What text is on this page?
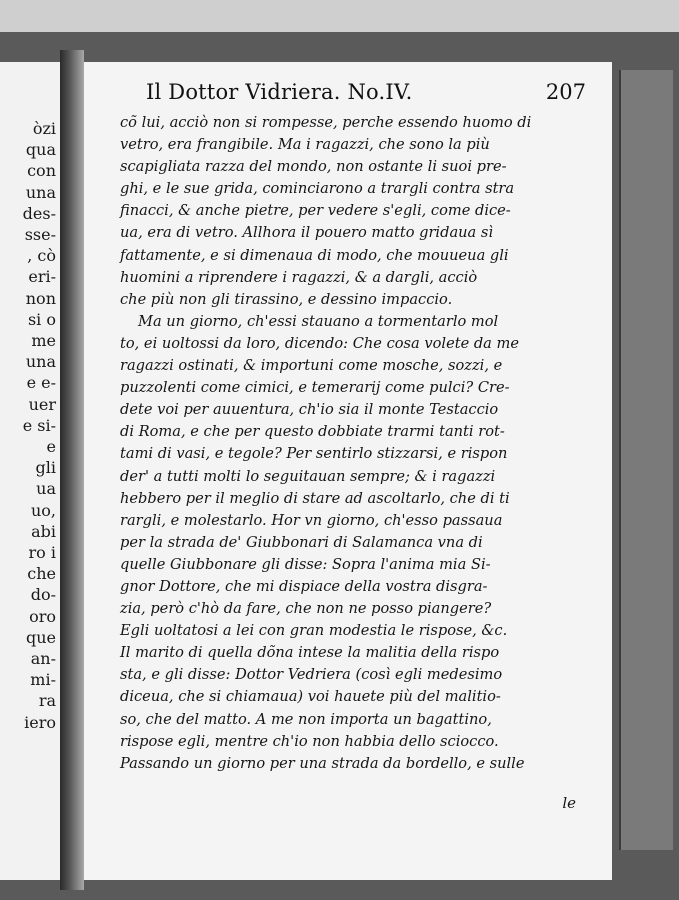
òzi
qua
con
una
des-
sse-
, cò
eri-
non
si o
me
una
e e-
uer
e si-
e
gli
ua
uo,
abi
ro i
che
do-
oro
que
an-
mi-
ra
iero
Il Dottor Vidriera. No.IV.	207
cõ lui, acciò non si rompesse, perche essendo huomo di
vetro, era frangibile. Ma i ragazzi, che sono la più
scapigliata razza del mondo, non ostante li suoi pre-
ghi, e le sue grida, cominciarono a trargli contra stra
finacci, & anche pietre, per vedere s'egli, come dice-
ua, era di vetro. Allhora il pouero matto gridaua sì
fattamente, e si dimenaua di modo, che mouueua gli
huomini a riprendere i ragazzi, & a dargli, acciò
che più non gli tirassino, e dessino impaccio.
Ma un giorno, ch'essi stauano a tormentarlo mol
to, ei uoltossi da loro, dicendo: Che cosa volete da me
ragazzi ostinati, & importuni come mosche, sozzi, e
puzzolenti come cimici, e temerarij come pulci? Cre-
dete voi per auuentura, ch'io sia il monte Testaccio
di Roma, e che per questo dobbiate trarmi tanti rot-
tami di vasi, e tegole? Per sentirlo stizzarsi, e rispon
der' a tutti molti lo seguitauan sempre; & i ragazzi
hebbero per il meglio di stare ad ascoltarlo, che di ti
rargli, e molestarlo. Hor vn giorno, ch'esso passaua
per la strada de' Giubbonari di Salamanca vna di
quelle Giubbonare gli disse: Sopra l'anima mia Si-
gnor Dottore, che mi dispiace della vostra disgra-
zia, però c'hò da fare, che non ne posso piangere?
Egli uoltatosi a lei con gran modestia le rispose, &c.
Il marito di quella dõna intese la malitia della rispo
sta, e gli disse: Dottor Vedriera (così egli medesimo
diceua, che si chiamaua) voi hauete più del malitio-
so, che del matto. A me non importa un bagattino,
rispose egli, mentre ch'io non habbia dello sciocco.
Passando un giorno per una strada da bordello, e sulle
le
